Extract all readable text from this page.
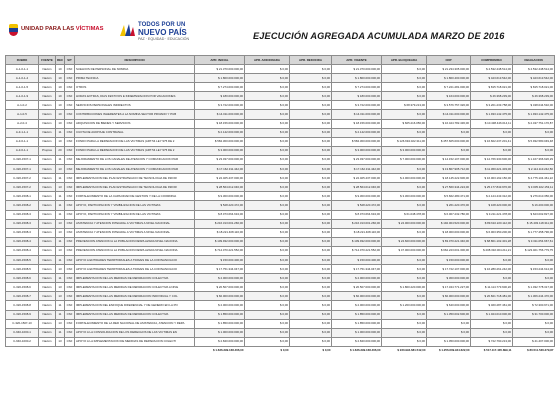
UNIDAD PARA LAS VÍCTIMAS
TODOS POR UN
NUEVO PAÍS
PAZ · EQUIDAD · EDUCACIÓN	EJECUCIÓN AGREGADA ACUMULADA MARZO DE 2016
RUBRO	FUENTE	REC	SIT	DESCRIPCION	APR. INICIAL	APR. ADICIONADA	APR. REDUCIDA	APR. VIGENTE	APR. BLOQUEADA	CDP	COMPROMISO	OBLIGACION
A-1-0-1-1	Nación	10	CSF	SUELDOS DE PERSONAL DE NOMINA	$ 21.370.000.000,00	$ 0,00	$ 0,00	$ 21.370.000.000,00	$ 0,00	$ 21.234.305.000,00	$ 4.532.448.514,00	$ 4.532.448.514,00
A-1-0-1-4	Nación	10	CSF	PRIMA TECNICA	$ 1.800.000.000,00	$ 0,00	$ 0,00	$ 1.800.000.000,00	$ 0,00	$ 1.800.400.000,00	$ 423.613.542,00	$ 423.613.542,00
A-1-0-1-5	Nación	10	CSF	OTROS	$ 7.274.000.000,00	$ 0,00	$ 0,00	$ 7.274.000.000,00	$ 0,00	$ 7.221.281.000,00	$ 815.718.021,00	$ 815.718.021,00
A-1-0-1-9	Nación	10	CSF	HORAS EXTRAS, DIAS FESTIVOS E INDEMNIZACION POR VACACIONES	$ 180.000.000,00	$ 0,00	$ 0,00	$ 180.000.000,00	$ 0,00	$ 164.000.000,00	$ 46.368.239,00	$ 46.368.239,00
A-1-0-2	Nación	10	CSF	SERVICIOS PERSONALES INDIRECTOS	$ 3.722.000.000,00	$ 0,00	$ 0,00	$ 3.722.000.000,00	$ 68.379.213,00	$ 3.576.757.326,00	$ 3.201.233.758,00	$ 438.044.532,00
A-1-0-5	Nación	10	CSF	CONTRIBUCIONES INHERENTES A LA NOMINA SECTOR PRIVADO Y PUB	$ 14.011.000.000,00	$ 0,00	$ 0,00	$ 14.011.000.000,00	$ 0,00	$ 14.011.000.000,00	$ 1.933.142.475,00	$ 1.933.142.475,00
A-2-0-4	Nación	10	CSF	ADQUISICION DE BIENES Y SERVICIOS	$ 18.156.000.000,00	$ 0,00	$ 0,00	$ 18.156.000.000,00	$ 605.216.056,00	$ 16.424.782.436,00	$ 10.438.446.014,11	$ 2.437.751.176,87
A-3-1-1-1	Nación	11	CSF	CUOTA DE AUDITAJE CONTRANAL	$ 2.142.000.000,00	$ 0,00	$ 0,00	$ 2.142.000.000,00	$ 0,00	$ 0,00	$ 0,00	$ 0,00
A-3-6-1-1	Nación	10	CSF	FONDO PARA LA REPARACION DE LAS VICTIMAS (ART.54 LEY 975 DE 2	$ 584.300.000.000,00	$ 0,00	$ 0,00	$ 584.300.000.000,00	$ 126.694.022.311,00	$ 457.605.000.000,00	$ 16.602.237.201,41	$ 5.932.580.049,48
A-3-6-1-1	Propios	20	CSF	FONDO PARA LA REPARACION DE LAS VICTIMAS (ART.54 LEY 975 DE 2	$ 3.000.000.000,00	$ 0,00	$ 0,00	$ 3.000.000.000,00	$ 3.000.000.000,00	$ 0,00	$ 0,00	$ 0,00
C-320-1507-1	Nación	11	CSF	MEJORAMIENTO DE LOS CANALES DE ATENCION Y COMUNICACION PAR	$ 23.037.000.000,00	$ 0,00	$ 0,00	$ 23.037.000.000,00	$ 7.000.000.000,00	$ 14.152.107.000,00	$ 12.766.330.600,00	$ 1.167.366.626,29
C-320-1507-1	Nación	13	CSF	MEJORAMIENTO DE LOS CANALES DE ATENCION Y COMUNICACION PAR	$ 17.162.311.442,00	$ 0,00	$ 0,00	$ 17.162.311.442,00	$ 0,00	$ 13.807.905.712,00	$ 11.360.221.403,00	$ 2.114.113.242,50
C-320-1507-2	Nación	11	CSF	IMPLEMENTACION DEL PLAN ESTRATEGICO DE TECNOLOGIA DE INFOR	$ 22.405.437.000,00	$ 0,00	$ 0,00	$ 22.405.437.000,00	$ 4.000.000.000,00	$ 18.145.222.906,00	$ 16.003.192.150,00	$ 4.775.104.461,22
C-320-1507-2	Nación	13	CSF	IMPLEMENTACION DEL PLAN ESTRATEGICO DE TECNOLOGIA DE INFOR	$ 28.564.012.046,00	$ 0,00	$ 0,00	$ 28.564.012.046,00	$ 0,00	$ 27.560.344.224,00	$ 25.177.843.976,00	$ 3.005.322.153,11
C-320-1508-1	Nación	11	CSF	FORTALECIMIENTO DE LA CAPACIDAD DE GESTION Y DE LA COORDINA	$ 9.300.000.000,00	$ 0,00	$ 0,00	$ 9.300.000.000,00	$ 3.300.000.000,00	$ 5.662.480.471,00	$ 2.124.443.312,00	$ 276.010.356,00
C-320-1508-2	Nación	11	CSF	APOYO, PARTICIPACION Y VISIBILIZACION DE LAS VICTIMAS	$ 528.220.472,00	$ 0,00	$ 0,00	$ 528.220.472,00	$ 0,00	$ 261.220.470,00	$ 108.420.000,00	$ 16.200.000,00
C-320-1508-3	Nación	11	CSF	APOYO, PARTICIPACION Y VISIBILIZACION DE LAS VICTIMAS	$ 8.073.664.634,00	$ 0,00	$ 0,00	$ 8.073.664.634,00	$ 61.048.478,00	$ 6.007.232.780,00	$ 3.211.221.478,00	$ 623.002.827,00
C-320-1508-3	Nación	13	CSF	ASISTENCIA Y ATENCION INTEGRAL A VICTIMAS A NIVEL NACIONAL	$ 216.313.001.266,00	$ 0,00	$ 0,00	$ 216.313.001.266,00	$ 24.000.000.000,00	$ 192.004.520.000,00	$ 89.610.220.112,00	$ 15.403.118.311,00
C-320-1508-3	Nación	13	CSF	ASISTENCIA Y ATENCION INTEGRAL A VICTIMAS A NIVEL NACIONAL	$ 18.221.408.116,00	$ 0,00	$ 0,00	$ 18.221.408.116,00	$ 0,00	$ 18.000.000.000,00	$ 6.003.350.200,00	$ 1.777.458.796,00
C-320-1508-4	Nación	11	CSF	PREVENCION ATENCION A LA POBLACION DESPLAZADA NIVEL NACIONA	$ 109.932.000.000,00	$ 0,00	$ 0,00	$ 109.932.000.000,00	$ 24.600.000.000,00	$ 83.070.221.340,00	$ 68.801.102.401,28	$ 3.311.054.667,61
C-320-1508-4	Nación	13	CSF	PREVENCION ATENCION A LA POBLACION DESPLAZADA NIVEL NACIONA	$ 714.070.221.552,00	$ 0,00	$ 0,00	$ 714.070.221.552,00	$ 47.000.000.000,00	$ 662.223.001.300,00	$ 208.332.004.211,21	$ 123.401.756.779,75
C-320-1508-5	Nación	11	CSF	APOYO A ENTIDADES TERRITORIALES A TRAVES DE LA COFINANCIACIO	$ 150.000.400,00	$ 0,00	$ 0,00	$ 150.000.400,00	$ 0,00	$ 150.000.000,00	$ 0,00	$ 0,00
C-320-1508-5	Nación	13	CSF	APOYO A ENTIDADES TERRITORIALES A TRAVES DE LA COFINANCIACIO	$ 17.751.344.047,00	$ 0,00	$ 0,00	$ 17.751.344.047,00	$ 0,00	$ 17.722.107.000,00	$ 16.280.261.242,00	$ 153.244.614,00
C-320-1508-6	Nación	11	CSF	IMPLEMENTACION DE LAS MEDIDAS DE REPARACION COLECTIVA	$ 2.000.000.000,00	$ 0,00	$ 0,00	$ 2.000.000.000,00	$ 0,00	$ 300.000.000,00	$ 0,00	$ 0,00
C-320-1508-6	Nación	13	CSF	IMPLEMENTACION DE LAS MEDIDAS DE REPARACION COLECTIVA A NIVE	$ 20.507.000.000,00	$ 0,00	$ 0,00	$ 20.507.000.000,00	$ 1.800.220.000,00	$ 17.344.771.227,00	$ 11.114.773.600,20	$ 1.032.778.317,00
C-320-1508-7	Nación	13	CSF	IMPLEMENTACION DE LAS MEDIDAS DE REPARACION INDIVIDUAL Y COL	$ 60.000.000.000,00	$ 0,00	$ 0,00	$ 60.000.000.000,00	$ 0,00	$ 60.000.000.000,00	$ 20.821.718.481,00	$ 1.306.244.470,00
C-320-1508-8	Nación	11	CSF	IMPLEMENTACION DEL ENFOQUE DIFERENCIAL Y DE GENERO EN LA PO	$ 2.000.000.000,00	$ 0,00	$ 0,00	$ 2.000.000.000,00	$ 1.200.000.000,00	$ 640.000.000,00	$ 460.287.461,00	$ 72.300.971,00
C-320-1508-9	Nación	11	CSF	IMPLEMENTACION DE LAS MEDIDAS DE REPARACION COLECTIVA	$ 1.850.000.000,00	$ 0,00	$ 0,00	$ 1.850.000.000,00	$ 0,00	$ 1.350.002.600,00	$ 1.024.010.000,00	$ 31.700.000,00
C-320-1507-10	Nación	13	CSF	FORTALECIMIENTO DE LA RED NACIONAL DE ASISTENCIA, ATENCION Y REPA	$ 1.850.000.000,00	$ 0,00	$ 0,00	$ 1.850.000.000,00	$ 0,00	$ 0,00	$ 0,00	$ 0,00
C-940-1000-1	Nación	11	CSF	APOYO A LA CONSOLIDACION DE LOS DERECHOS DE LAS VICTIMAS EN	$ 1.000.000.000,00	$ 0,00	$ 0,00	$ 1.000.000.000,00	$ 0,00	$ 0,00	$ 0,00	$ 0,00
C-940-1000-2	Nación	13	CSF	APOYO A LA IMPLEMENTACION DE MEDIDAS DE REPARACION COLECTI	$ 2.840.000.000,00	$ 0,00	$ 0,00	$ 2.840.000.000,00	$ 0,00	$ 1.050.000.000,00	$ 722.790.213,00	$ 41.407.000,00
					$ 1.636.399.168.466,00	$ 0,00	$ 0,00	$ 1.636.399.168.466,00	$ 230.994.681.542,00	$ 1.256.609.944.622,00	$ 517.117.435.899,11	$ 80.511.536.279,87
